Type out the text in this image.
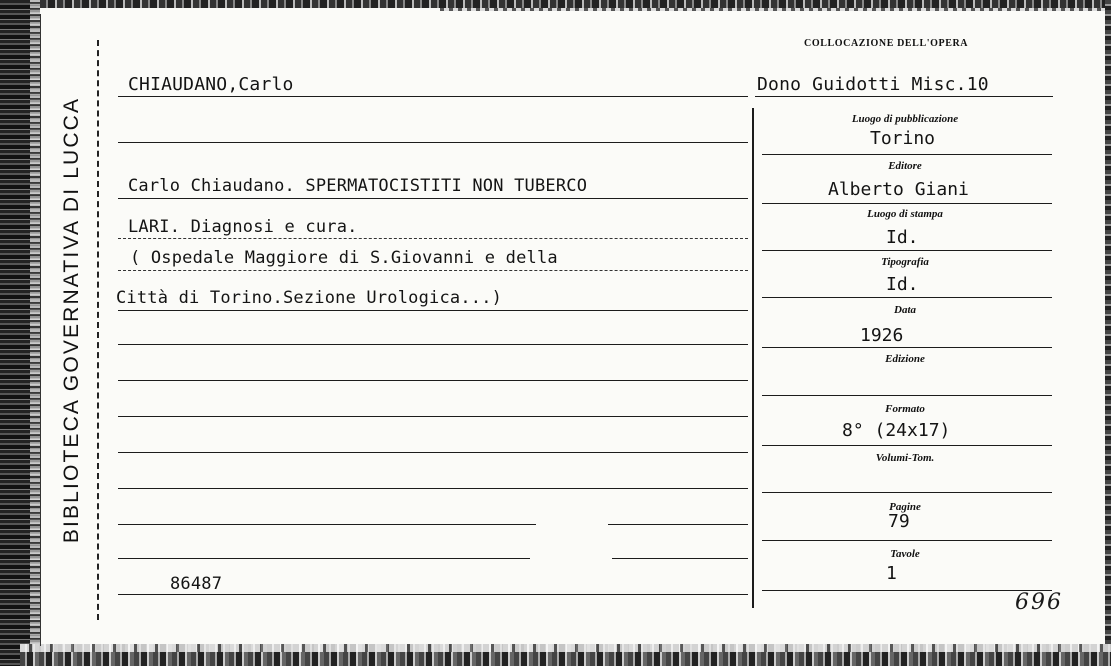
BIBLIOTECA GOVERNATIVA DI LUCCA
COLLOCAZIONE DELL'OPERA
CHIAUDANO,Carlo	Dono Guidotti Misc.10
Carlo Chiaudano. SPERMATOCISTITI NON TUBERCO
LARI. Diagnosi e cura.
( Ospedale Maggiore di S.Giovanni e della
Città di Torino.Sezione Urologica...)
86487
Luogo di pubblicazione
Torino
Editore
Alberto Giani
Luogo di stampa
Id.
Tipografia
Id.
Data
1926
Edizione
Formato
8° (24x17)
Volumi-Tom.
Pagine
79
Tavole
1
696
